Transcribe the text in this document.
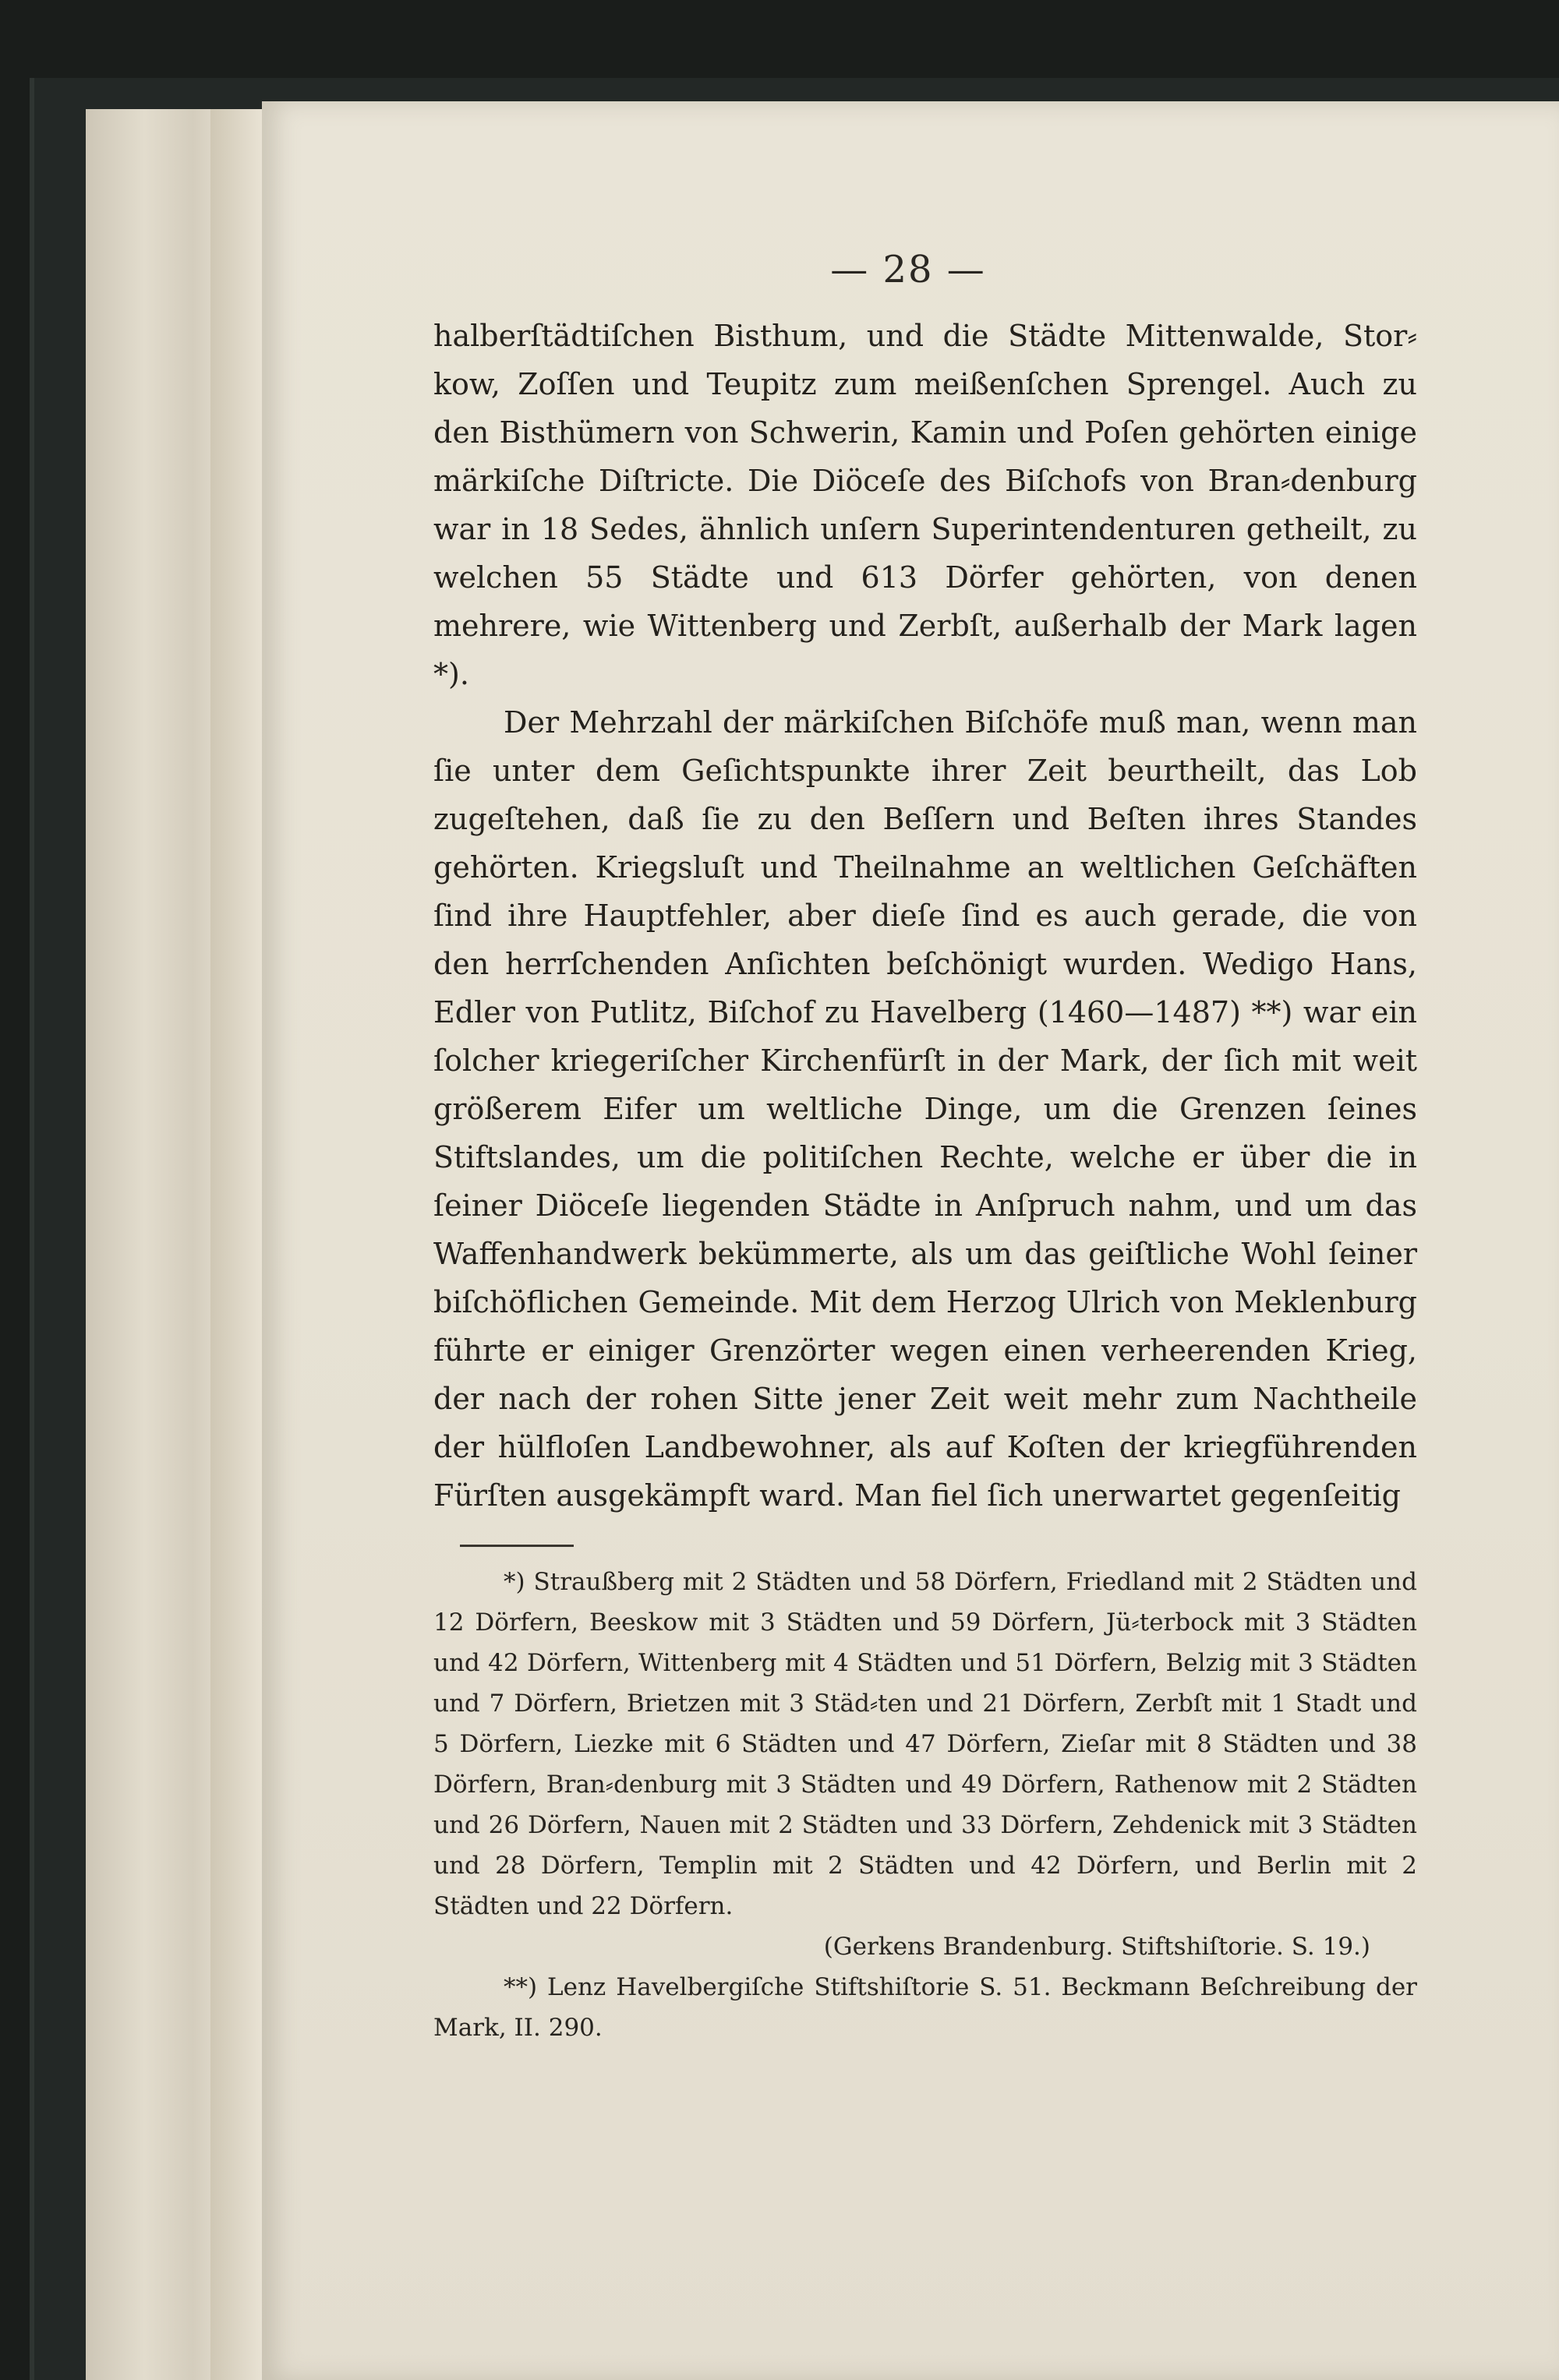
— 28 —

halberſtädtiſchen Bisthum, und die Städte Mittenwalde, Stor⸗kow, Zoſſen und Teupitz zum meißenſchen Sprengel. Auch zu den Bisthümern von Schwerin, Kamin und Poſen gehörten einige märkiſche Diſtricte. Die Diöceſe des Biſchofs von Bran⸗denburg war in 18 Sedes, ähnlich unſern Superintendenturen getheilt, zu welchen 55 Städte und 613 Dörfer gehörten, von denen mehrere, wie Wittenberg und Zerbſt, außerhalb der Mark lagen *).

Der Mehrzahl der märkiſchen Biſchöfe muß man, wenn man ſie unter dem Geſichtspunkte ihrer Zeit beurtheilt, das Lob zugeſtehen, daß ſie zu den Beſſern und Beſten ihres Standes gehörten. Kriegsluſt und Theilnahme an weltlichen Geſchäften ſind ihre Hauptfehler, aber dieſe ſind es auch gerade, die von den herrſchenden Anſichten beſchönigt wurden. Wedigo Hans, Edler von Putlitz, Biſchof zu Havelberg (1460—1487) **) war ein ſolcher kriegeriſcher Kirchenfürſt in der Mark, der ſich mit weit größerem Eifer um weltliche Dinge, um die Grenzen ſeines Stiftslandes, um die politiſchen Rechte, welche er über die in ſeiner Diöceſe liegenden Städte in Anſpruch nahm, und um das Waffenhandwerk bekümmerte, als um das geiſtliche Wohl ſeiner biſchöflichen Gemeinde. Mit dem Herzog Ulrich von Meklenburg führte er einiger Grenzörter wegen einen verheerenden Krieg, der nach der rohen Sitte jener Zeit weit mehr zum Nachtheile der hülfloſen Landbewohner, als auf Koſten der kriegführenden Fürſten ausgekämpft ward. Man fiel ſich unerwartet gegenſeitig

*) Straußberg mit 2 Städten und 58 Dörfern, Friedland mit 2 Städten und 12 Dörfern, Beeskow mit 3 Städten und 59 Dörfern, Jü⸗terbock mit 3 Städten und 42 Dörfern, Wittenberg mit 4 Städten und 51 Dörfern, Belzig mit 3 Städten und 7 Dörfern, Brietzen mit 3 Städ⸗ten und 21 Dörfern, Zerbſt mit 1 Stadt und 5 Dörfern, Liezke mit 6 Städten und 47 Dörfern, Zieſar mit 8 Städten und 38 Dörfern, Bran⸗denburg mit 3 Städten und 49 Dörfern, Rathenow mit 2 Städten und 26 Dörfern, Nauen mit 2 Städten und 33 Dörfern, Zehdenick mit 3 Städten und 28 Dörfern, Templin mit 2 Städten und 42 Dörfern, und Berlin mit 2 Städten und 22 Dörfern.

(Gerkens Brandenburg. Stiftshiſtorie. S. 19.)

**) Lenz Havelbergiſche Stiftshiſtorie S. 51. Beckmann Beſchreibung der Mark, II. 290.
